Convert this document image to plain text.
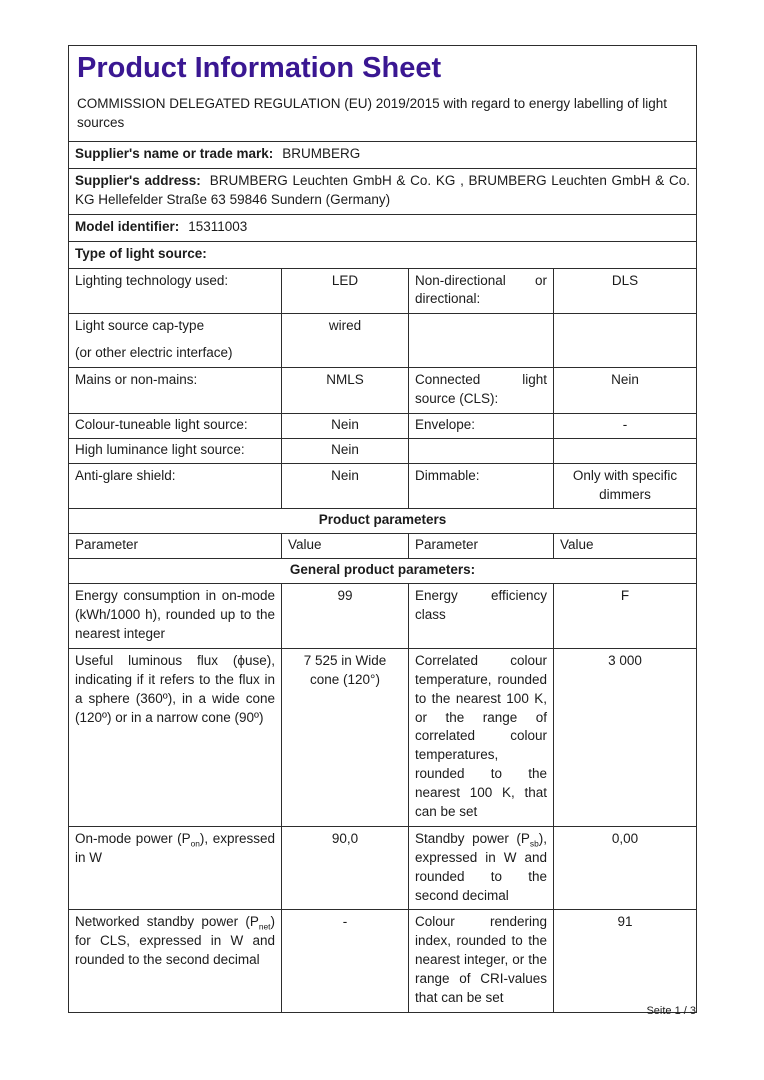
Product Information Sheet

COMMISSION DELEGATED REGULATION (EU) 2019/2015 with regard to energy labelling of light sources

Supplier's name or trade mark: BRUMBERG			
Supplier's address: BRUMBERG Leuchten GmbH & Co. KG , BRUMBERG Leuchten GmbH & Co. KG Hellefelder Straße 63 59846 Sundern (Germany)			
Model identifier: 15311003			
Type of light source:			
Lighting technology used:	LED	Non-directional or directional:	DLS

Light source cap-type
(or other electric interface)	wired		
Mains or non-mains:	NMLS	Connected light source (CLS):	Nein
Colour-tuneable light source:	Nein	Envelope:	-
High luminance light source:	Nein		
Anti-glare shield:	Nein	Dimmable:	Only with specific dimmers
Product parameters			
Parameter	Value	Parameter	Value
General product parameters:			
Energy consumption in on-mode (kWh/1000 h), rounded up to the nearest integer	99	Energy efficiency class	F
Useful luminous flux (ϕuse), indicating if it refers to the flux in a sphere (360º), in a wide cone (120º) or in a narrow cone (90º)	7 525 in Wide cone (120°)	Correlated colour temperature, rounded to the nearest 100 K, or the range of correlated colour temperatures, rounded to the nearest 100 K, that can be set	3 000
On-mode power $(P_{on})$, expressed in W	90,0	Standby power $(P_{sb})$, expressed in W and rounded to the second decimal	0,00
Networked standby power $(P_{net})$ for CLS, expressed in W and rounded to the second decimal	-	Colour rendering index, rounded to the nearest integer, or the range of CRI-values that can be set	91
Seite 1 / 3
